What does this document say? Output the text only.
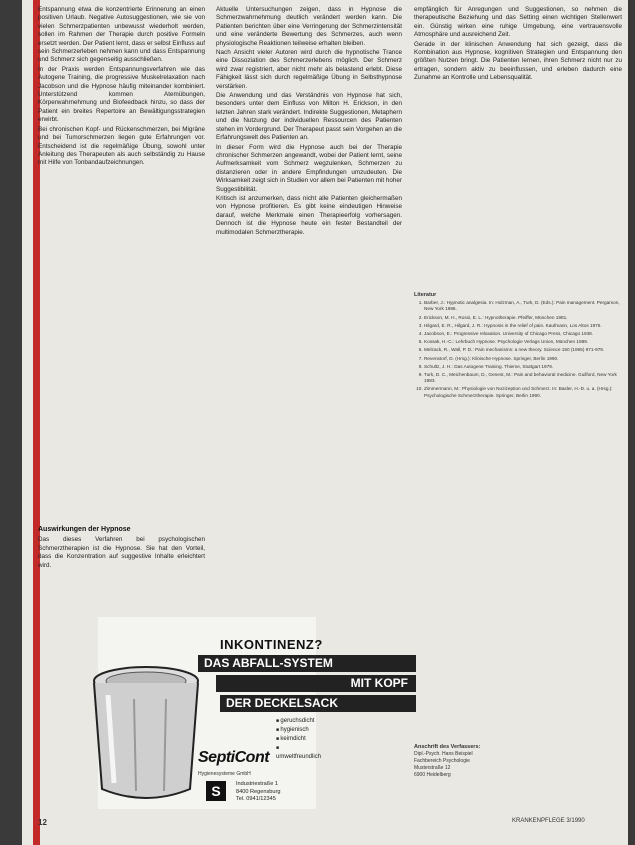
Entspannung etwa die konzentrierte Erinnerung an einen positiven Urlaub. Negative Autosuggestionen, wie sie von vielen Schmerzpatienten unbewusst wiederholt werden, sollen im Rahmen der Therapie durch positive Formeln ersetzt werden. Der Patient lernt, dass er selbst Einfluss auf sein Schmerzerleben nehmen kann und dass Entspannung und Schmerz sich gegenseitig ausschließen.

In der Praxis werden Entspannungsverfahren wie das Autogene Training, die progressive Muskelrelaxation nach Jacobson und die Hypnose häufig miteinander kombiniert. Unterstützend kommen Atemübungen, Körperwahrnehmung und Biofeedback hinzu, so dass der Patient ein breites Repertoire an Bewältigungsstrategien erwirbt.

Bei chronischen Kopf- und Rückenschmerzen, bei Migräne und bei Tumorschmerzen liegen gute Erfahrungen vor. Entscheidend ist die regelmäßige Übung, sowohl unter Anleitung des Therapeuten als auch selbständig zu Hause mit Hilfe von Tonbandaufzeichnungen.

Auswirkungen der Hypnose

Das dieses Verfahren bei psychologischen Schmerztherapien ist die Hypnose. Sie hat den Vorteil, dass die Konzentration auf suggestive Inhalte erleichtert wird.

Aktuelle Untersuchungen zeigen, dass in Hypnose die Schmerzwahrnehmung deutlich verändert werden kann. Die Patienten berichten über eine Verringerung der Schmerzintensität und eine veränderte Bewertung des Schmerzes, auch wenn physiologische Reaktionen teilweise erhalten bleiben.

Nach Ansicht vieler Autoren wird durch die hypnotische Trance eine Dissoziation des Schmerzerlebens möglich. Der Schmerz wird zwar registriert, aber nicht mehr als belastend erlebt. Diese Fähigkeit lässt sich durch regelmäßige Übung in Selbsthypnose verstärken.

Die Anwendung und das Verständnis von Hypnose hat sich, besonders unter dem Einfluss von Milton H. Erickson, in den letzten Jahren stark verändert. Indirekte Suggestionen, Metaphern und die Nutzung der individuellen Ressourcen des Patienten stehen im Vordergrund. Der Therapeut passt sein Vorgehen an die Erfahrungswelt des Patienten an.

In dieser Form wird die Hypnose auch bei der Therapie chronischer Schmerzen angewandt, wobei der Patient lernt, seine Aufmerksamkeit vom Schmerz wegzulenken, Schmerzen zu distanzieren oder in andere Empfindungen umzudeuten. Die Wirksamkeit zeigt sich in Studien vor allem bei Patienten mit hoher Suggestibilität.

Kritisch ist anzumerken, dass nicht alle Patienten gleichermaßen von Hypnose profitieren. Es gibt keine eindeutigen Hinweise darauf, welche Merkmale einen Therapieerfolg vorhersagen. Dennoch ist die Hypnose heute ein fester Bestandteil der multimodalen Schmerztherapie.

empfänglich für Anregungen und Suggestionen, so nehmen die therapeutische Beziehung und das Setting einen wichtigen Stellenwert ein. Günstig wirken eine ruhige Umgebung, eine vertrauensvolle Atmosphäre und ausreichend Zeit.

Gerade in der klinischen Anwendung hat sich gezeigt, dass die Kombination aus Hypnose, kognitiven Strategien und Entspannung den größten Nutzen bringt. Die Patienten lernen, ihren Schmerz nicht nur zu ertragen, sondern aktiv zu beeinflussen, und erleben dadurch eine Zunahme an Kontrolle und Lebensqualität.

Literatur
1. Barber, J.: Hypnotic analgesia. In: Holzman, A., Turk, D. (Eds.): Pain management. Pergamon, New York 1986.
2. Erickson, M. H., Rossi, E. L.: Hypnotherapie. Pfeiffer, München 1981.
3. Hilgard, E. R., Hilgard, J. R.: Hypnosis in the relief of pain. Kaufmann, Los Altos 1975.
4. Jacobson, E.: Progressive relaxation. University of Chicago Press, Chicago 1938.
5. Kossak, H.-C.: Lehrbuch Hypnose. Psychologie Verlags Union, München 1989.
6. Melzack, R., Wall, P. D.: Pain mechanisms: a new theory. Science 150 (1965) 971-979.
7. Revenstorf, D. (Hrsg.): Klinische Hypnose. Springer, Berlin 1990.
8. Schultz, J. H.: Das Autogene Training. Thieme, Stuttgart 1979.
9. Turk, D. C., Meichenbaum, D., Genest, M.: Pain and behavioral medicine. Guilford, New York 1983.
10. Zimmermann, M.: Physiologie von Nozizeption und Schmerz. In: Basler, H.-D. u. a. (Hrsg.): Psychologische Schmerztherapie. Springer, Berlin 1990.
Anschrift des Verfassers:
Dipl.-Psych. Hans Beispiel
Fachbereich Psychologie
Musterstraße 12
6900 Heidelberg
INKONTINENZ?
DAS ABFALL-SYSTEM
MIT KOPF
DER DECKELSACK
■ geruchsdicht
■ hygienisch
■ keimdicht
■ umweltfreundlich
SeptiCont
Hygienesysteme GmbH
S	Industriestraße 1
8400 Regensburg
Tel. 0941/12345
12	KRANKENPFLEGE 3/1990
